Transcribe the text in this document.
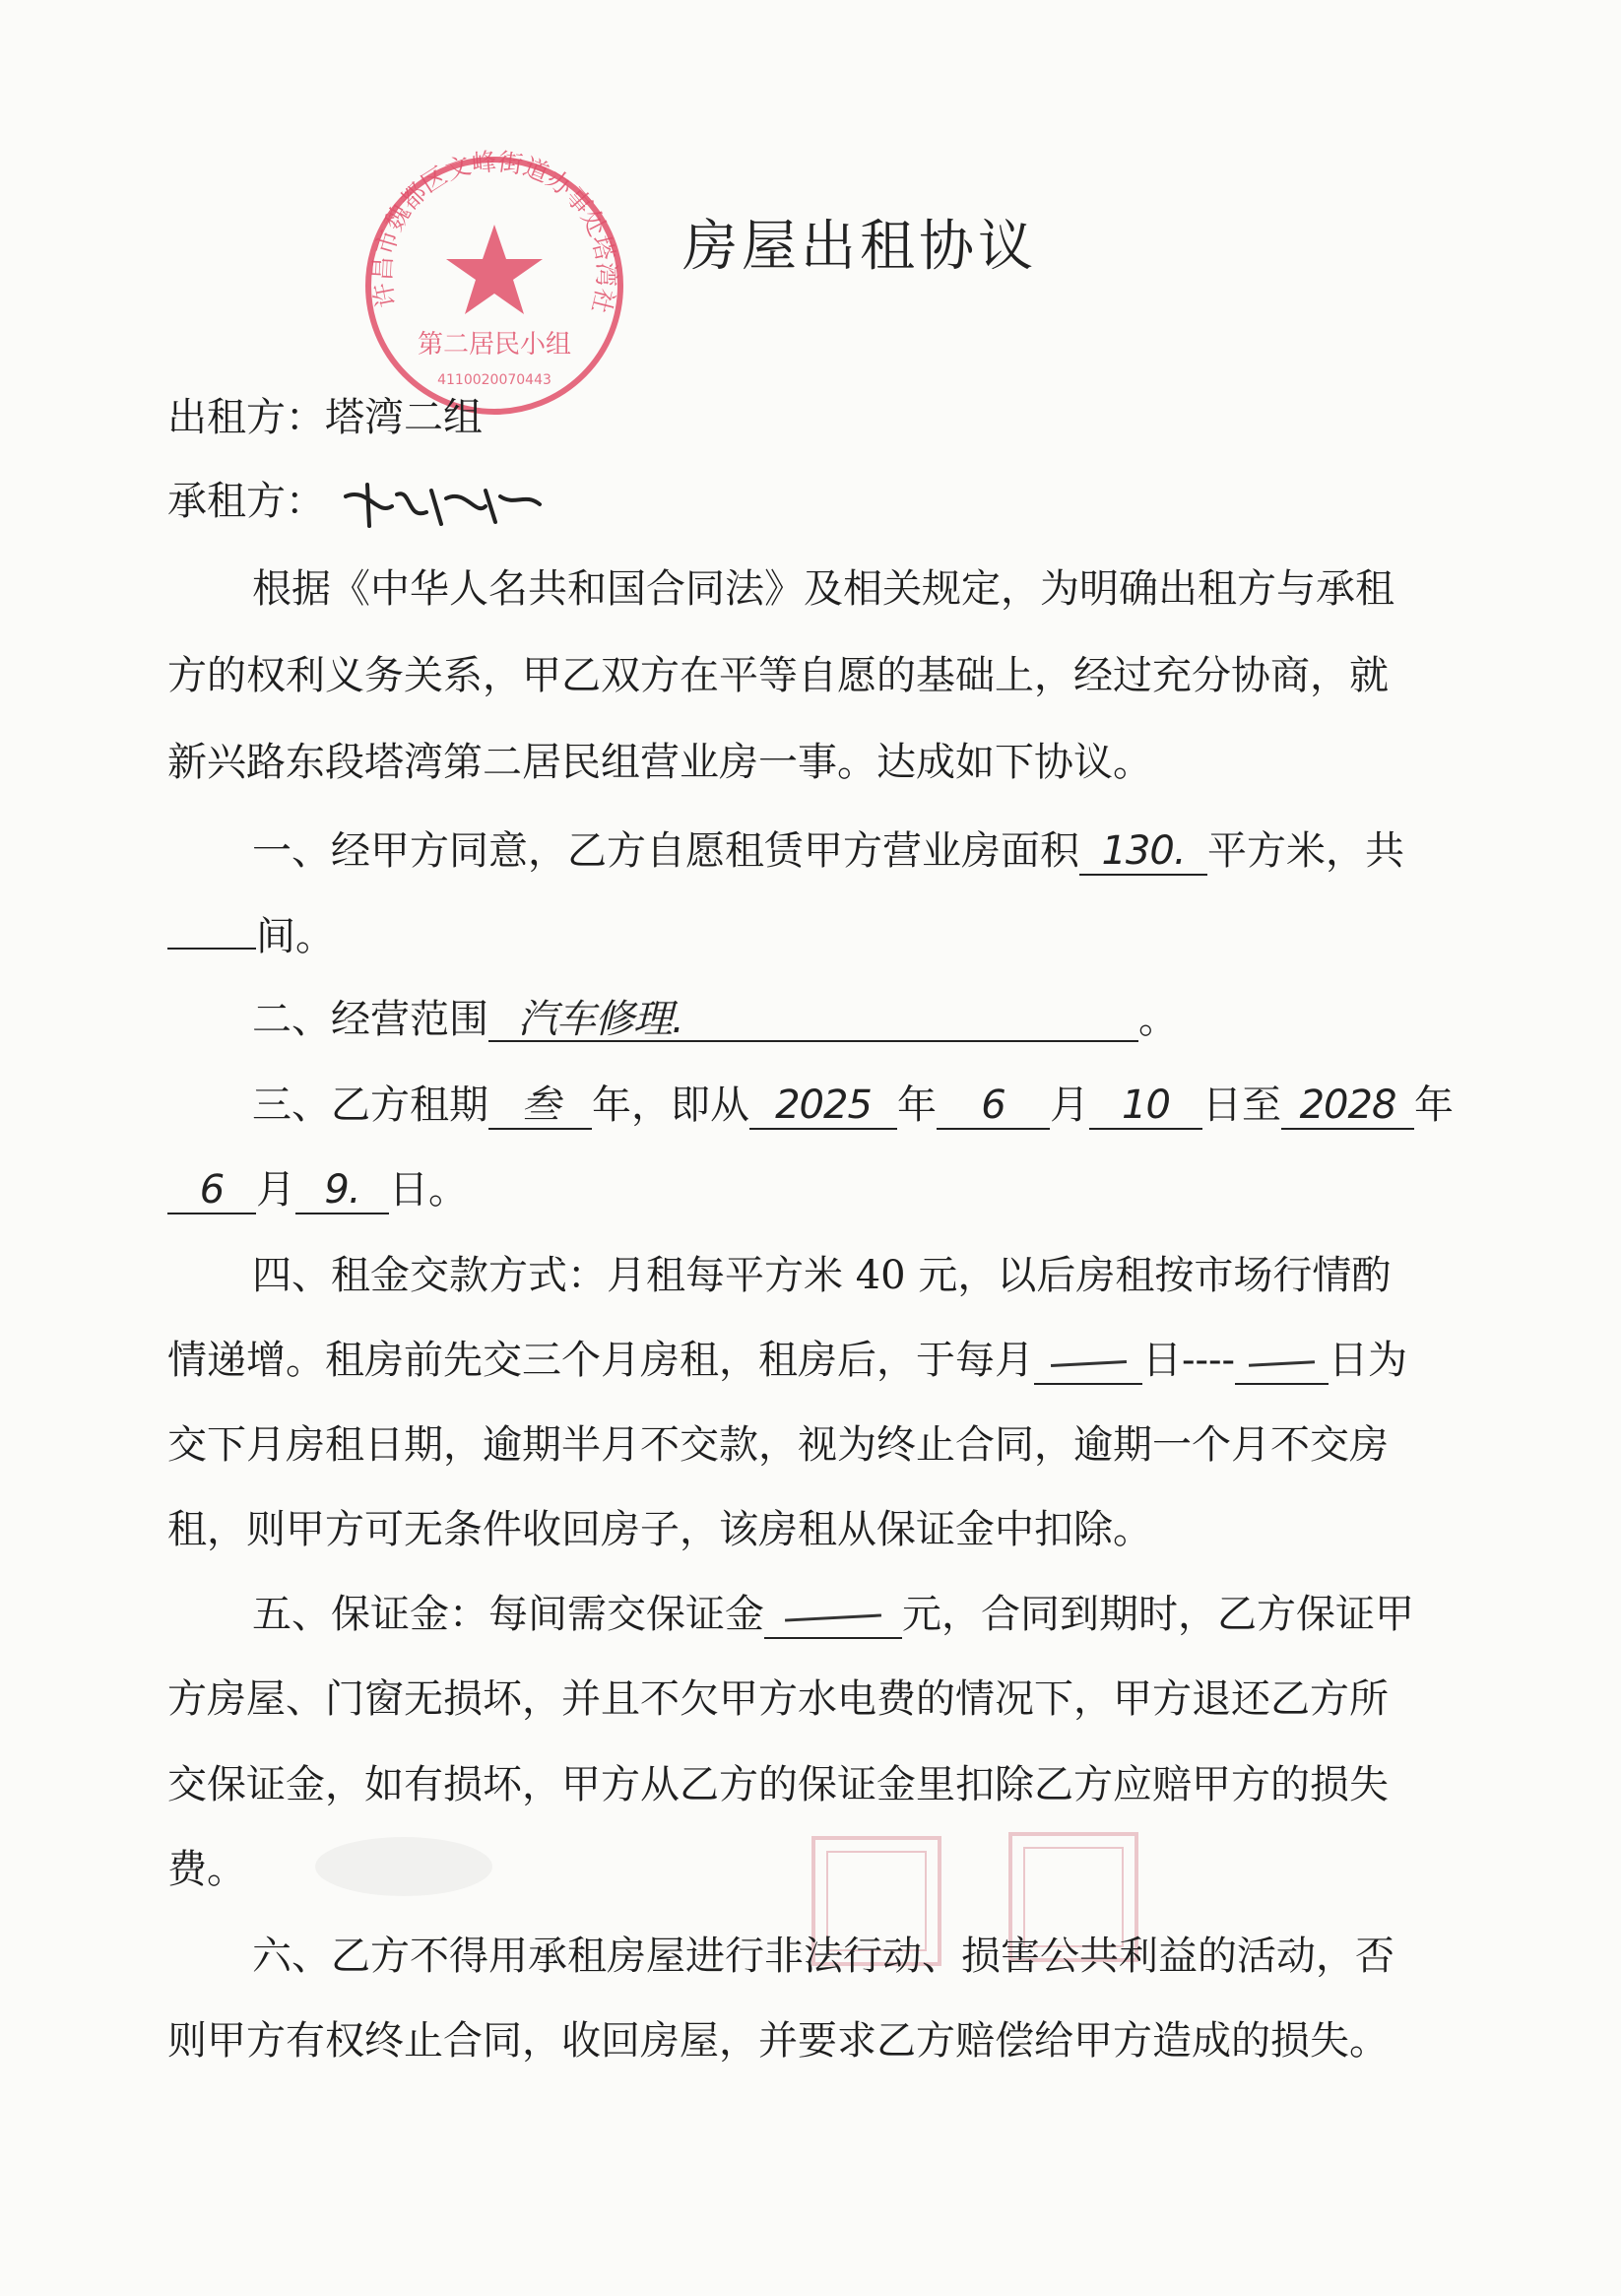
许昌市魏都区文峰街道办事处塔湾社
第二居民小组
4110020070443
房屋出租协议
出租方：塔湾二组
承租方：
根据《中华人名共和国合同法》及相关规定，为明确出租方与承租
方的权利义务关系，甲乙双方在平等自愿的基础上，经过充分协商，就
新兴路东段塔湾第二居民组营业房一事。达成如下协议。
一、经甲方同意，乙方自愿租赁甲方营业房面积 130. 平方米，共
间。
二、经营范围 汽车修理.	。
三、乙方租期 叁 年，即从 2025 年 6 月 10 日至 2028 年
6 月 9. 日。
四、租金交款方式：月租每平方米 40 元，以后房租按市场行情酌
情递增。租房前先交三个月房租，租房后，于每月	日---- 日为
交下月房租日期，逾期半月不交款，视为终止合同，逾期一个月不交房
租，则甲方可无条件收回房子，该房租从保证金中扣除。
五、保证金：每间需交保证金	元，合同到期时，乙方保证甲
方房屋、门窗无损坏，并且不欠甲方水电费的情况下，甲方退还乙方所
交保证金，如有损坏，甲方从乙方的保证金里扣除乙方应赔甲方的损失
费。
六、乙方不得用承租房屋进行非法行动、损害公共利益的活动，否
则甲方有权终止合同，收回房屋，并要求乙方赔偿给甲方造成的损失。
